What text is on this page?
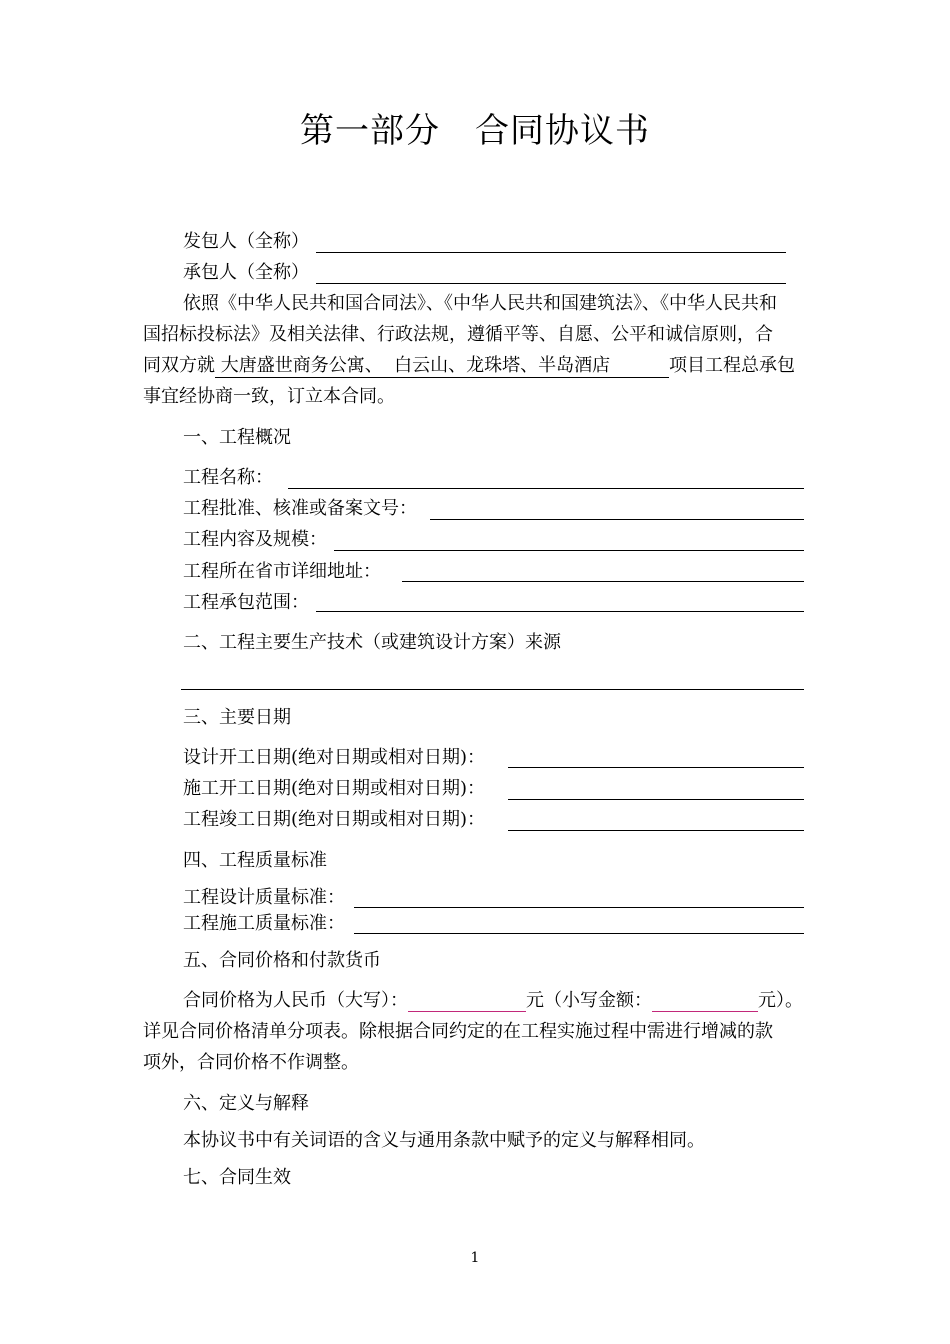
第一部分　合同协议书
发包人（全称）
承包人（全称）
依照《中华人民共和国合同法》、《中华人民共和国建筑法》、《中华人民共和
国招标投标法》及相关法律、行政法规，遵循平等、自愿、公平和诚信原则，合
同双方就 大唐盛世商务公寓、  白云山、龙珠塔、半岛酒店	项目工程总承包
事宜经协商一致，订立本合同。
一、工程概况
工程名称：
工程批准、核准或备案文号：
工程内容及规模：
工程所在省市详细地址：
工程承包范围：
二、工程主要生产技术（或建筑设计方案）来源
三、主要日期
设计开工日期(绝对日期或相对日期)：
施工开工日期(绝对日期或相对日期)：
工程竣工日期(绝对日期或相对日期)：
四、工程质量标准
工程设计质量标准：
工程施工质量标准：
五、合同价格和付款货币
合同价格为人民币（大写）：	元（小写金额：	元）。
详见合同价格清单分项表。除根据合同约定的在工程实施过程中需进行增减的款
项外，合同价格不作调整。
六、定义与解释
本协议书中有关词语的含义与通用条款中赋予的定义与解释相同。
七、合同生效
1
